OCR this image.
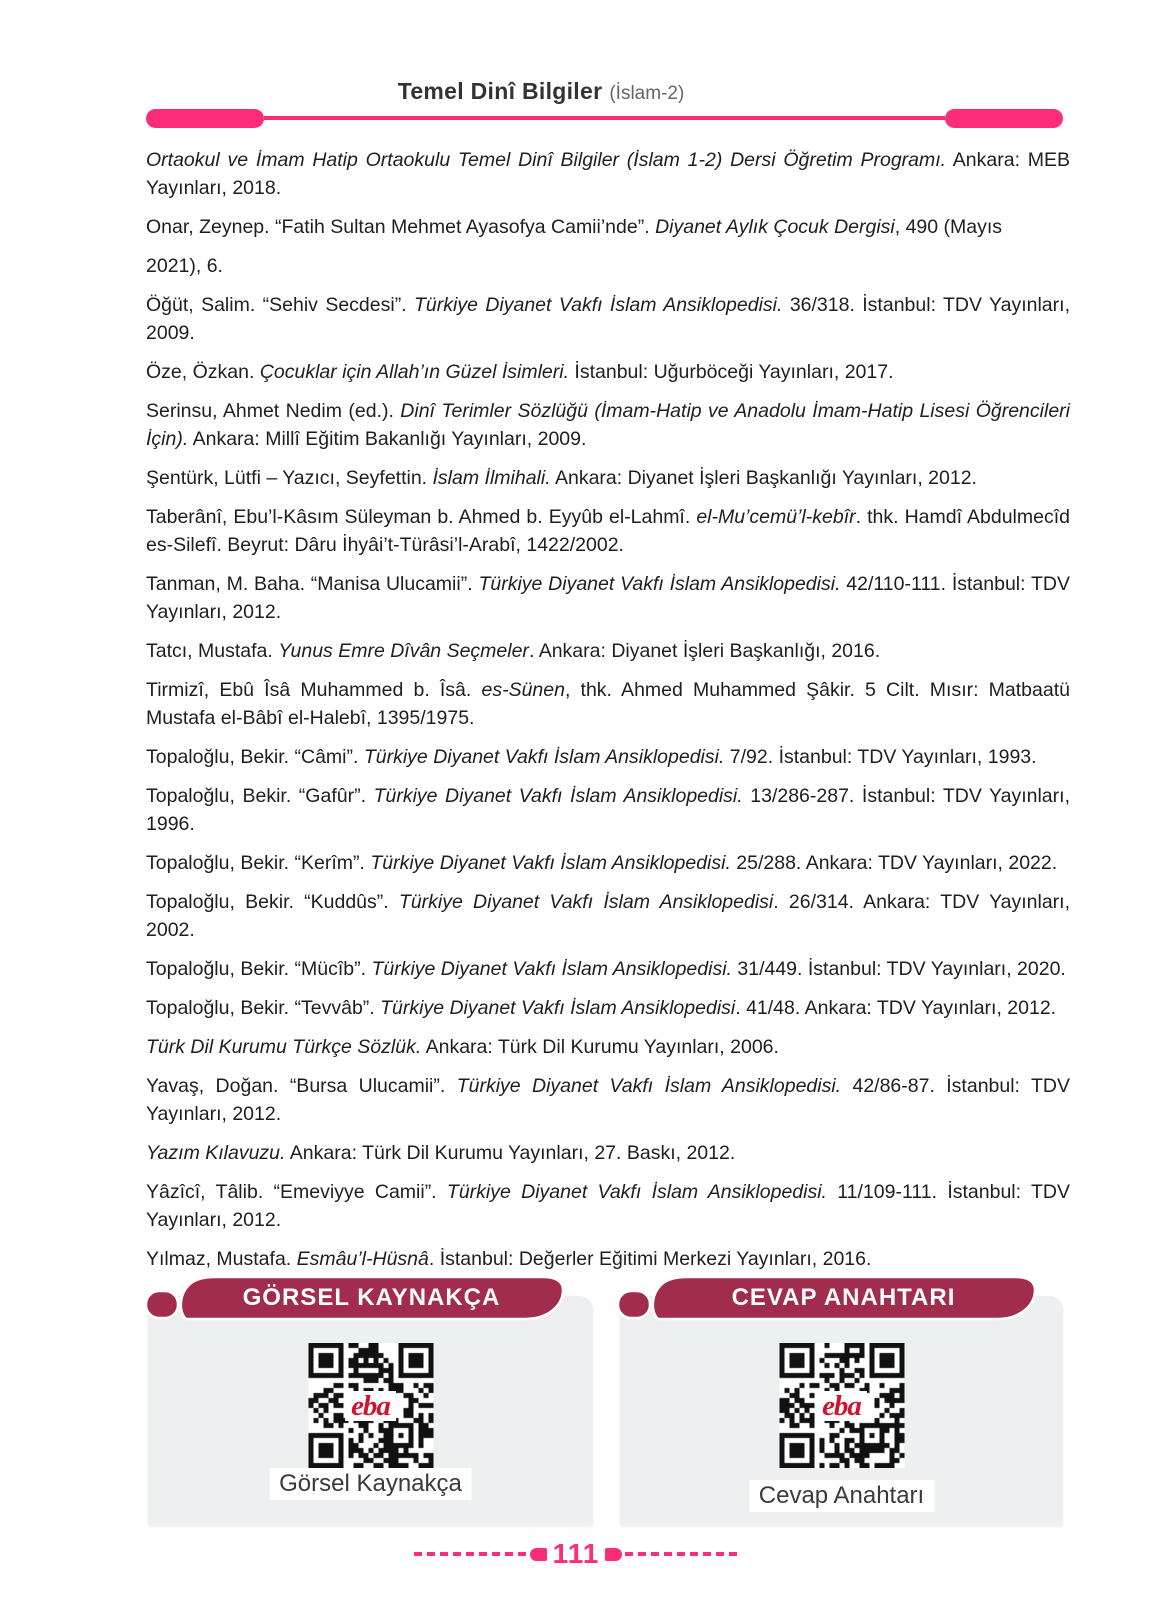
Temel Dinî Bilgiler (İslam-2)

Ortaokul ve İmam Hatip Ortaokulu Temel Dinî Bilgiler (İslam 1-2) Dersi Öğretim Programı. Ankara: MEB Yayınları, 2018.

Onar, Zeynep. “Fatih Sultan Mehmet Ayasofya Camii’nde”. Diyanet Aylık Çocuk Dergisi, 490 (Mayıs

2021), 6.

Öğüt, Salim. “Sehiv Secdesi”. Türkiye Diyanet Vakfı İslam Ansiklopedisi. 36/318. İstanbul: TDV Yayınları, 2009.

Öze, Özkan. Çocuklar için Allah’ın Güzel İsimleri. İstanbul: Uğurböceği Yayınları, 2017.

Serinsu, Ahmet Nedim (ed.). Dinî Terimler Sözlüğü (İmam-Hatip ve Anadolu İmam-Hatip Lisesi Öğrencileri İçin). Ankara: Millî Eğitim Bakanlığı Yayınları, 2009.

Şentürk, Lütfi – Yazıcı, Seyfettin. İslam İlmihali. Ankara: Diyanet İşleri Başkanlığı Yayınları, 2012.

Taberânî, Ebu’l-Kâsım Süleyman b. Ahmed b. Eyyûb el-Lahmî. el-Mu’cemü’l-kebîr. thk. Hamdî Abdulmecîd es-Silefî. Beyrut: Dâru İhyâi’t-Türâsi’l-Arabî, 1422/2002.

Tanman, M. Baha. “Manisa Ulucamii”. Türkiye Diyanet Vakfı İslam Ansiklopedisi. 42/110-111. İstanbul: TDV Yayınları, 2012.

Tatcı, Mustafa. Yunus Emre Dîvân Seçmeler. Ankara: Diyanet İşleri Başkanlığı, 2016.

Tirmizî, Ebû Îsâ Muhammed b. Îsâ. es-Sünen, thk. Ahmed Muhammed Şâkir. 5 Cilt. Mısır: Matbaatü Mustafa el-Bâbî el-Halebî, 1395/1975.

Topaloğlu, Bekir. “Câmi”. Türkiye Diyanet Vakfı İslam Ansiklopedisi. 7/92. İstanbul: TDV Yayınları, 1993.

Topaloğlu, Bekir. “Gafûr”. Türkiye Diyanet Vakfı İslam Ansiklopedisi. 13/286-287. İstanbul: TDV Yayınları, 1996.

Topaloğlu, Bekir. “Kerîm”. Türkiye Diyanet Vakfı İslam Ansiklopedisi. 25/288. Ankara: TDV Yayınları, 2022.

Topaloğlu, Bekir. “Kuddûs”. Türkiye Diyanet Vakfı İslam Ansiklopedisi. 26/314. Ankara: TDV Yayınları, 2002.

Topaloğlu, Bekir. “Mücîb”. Türkiye Diyanet Vakfı İslam Ansiklopedisi. 31/449. İstanbul: TDV Yayınları, 2020.

Topaloğlu, Bekir. “Tevvâb”. Türkiye Diyanet Vakfı İslam Ansiklopedisi. 41/48. Ankara: TDV Yayınları, 2012.

Türk Dil Kurumu Türkçe Sözlük. Ankara: Türk Dil Kurumu Yayınları, 2006.

Yavaş, Doğan. “Bursa Ulucamii”. Türkiye Diyanet Vakfı İslam Ansiklopedisi. 42/86-87. İstanbul: TDV Yayınları, 2012.

Yazım Kılavuzu. Ankara: Türk Dil Kurumu Yayınları, 27. Baskı, 2012.

Yâzîcî, Tâlib. “Emeviyye Camii”. Türkiye Diyanet Vakfı İslam Ansiklopedisi. 11/109-111. İstanbul: TDV Yayınları, 2012.

Yılmaz, Mustafa. Esmâu’l-Hüsnâ. İstanbul: Değerler Eğitimi Merkezi Yayınları, 2016.

eba
Görsel Kaynakça
eba
Cevap Anahtarı
GÖRSEL KAYNAKÇA	CEVAP ANAHTARI
111
